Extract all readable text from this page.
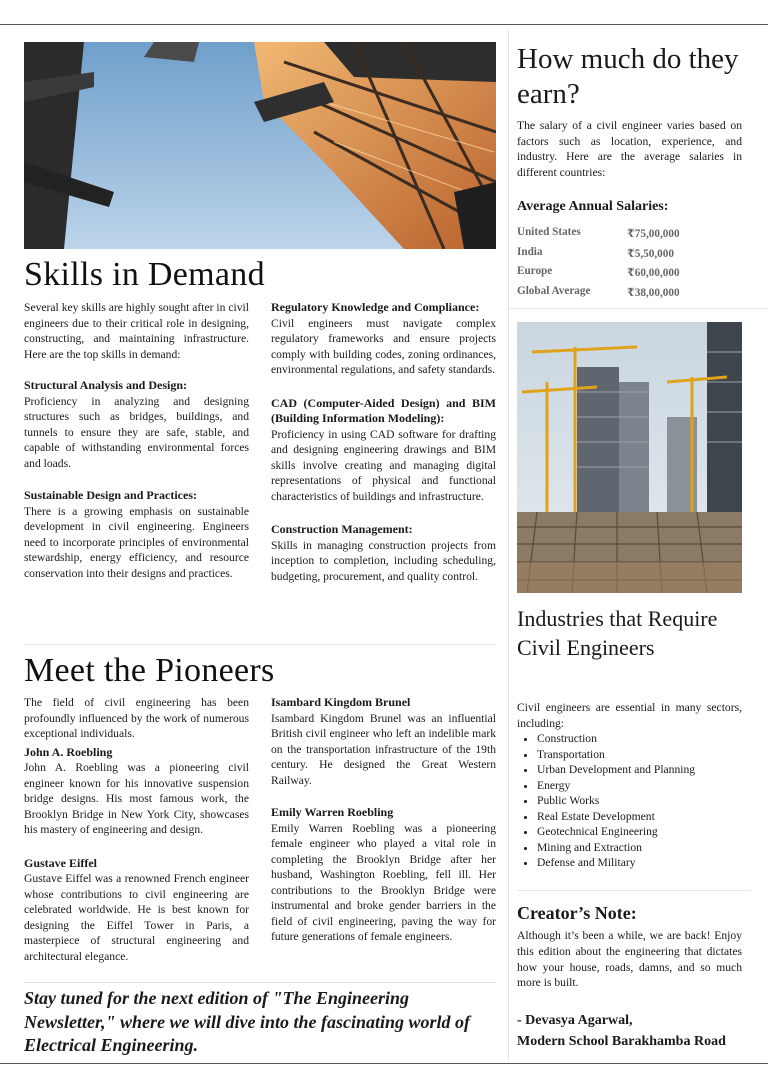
Skills in Demand

Several key skills are highly sought after in civil engineers due to their critical role in designing, constructing, and maintaining infrastructure. Here are the top skills in demand:

Structural Analysis and Design:

Proficiency in analyzing and designing structures such as bridges, buildings, and tunnels to ensure they are safe, stable, and capable of withstanding environmental forces and loads.

Sustainable Design and Practices:

There is a growing emphasis on sustainable development in civil engineering. Engineers need to incorporate principles of environmental stewardship, energy efficiency, and resource conservation into their designs and practices.

Regulatory Knowledge and Compliance:

Civil engineers must navigate complex regulatory frameworks and ensure projects comply with building codes, zoning ordinances, environmental regulations, and safety standards.

CAD (Computer-Aided Design) and BIM (Building Information Modeling):

Proficiency in using CAD software for drafting and designing engineering drawings and BIM skills involve creating and managing digital representations of physical and functional characteristics of buildings and infrastructure.

Construction Management:

Skills in managing construction projects from inception to completion, including scheduling, budgeting, procurement, and quality control.

Meet the Pioneers

The field of civil engineering has been profoundly influenced by the work of numerous exceptional individuals.

John A. Roebling

John A. Roebling was a pioneering civil engineer known for his innovative suspension bridge designs. His most famous work, the Brooklyn Bridge in New York City, showcases his mastery of engineering and design.

Gustave Eiffel

Gustave Eiffel was a renowned French engineer whose contributions to civil engineering are celebrated worldwide. He is best known for designing the Eiffel Tower in Paris, a masterpiece of structural engineering and architectural elegance.

Isambard Kingdom Brunel

Isambard Kingdom Brunel was an influential British civil engineer who left an indelible mark on the transportation infrastructure of the 19th century. He designed the Great Western Railway.

Emily Warren Roebling

Emily Warren Roebling was a pioneering female engineer who played a vital role in completing the Brooklyn Bridge after her husband, Washington Roebling, fell ill. Her contributions to the Brooklyn Bridge were instrumental and broke gender barriers in the field of civil engineering, paving the way for future generations of female engineers.

Stay tuned for the next edition of "The Engineering Newsletter," where we will dive into the fascinating world of Electrical Engineering.
How much do they earn?
The salary of a civil engineer varies based on factors such as location, experience, and industry. Here are the average salaries in different countries:
Average Annual Salaries:
United States	₹75,00,000
India	₹5,50,000
Europe	₹60,00,000
Global Average	₹38,00,000
Industries that Require Civil Engineers
Civil engineers are essential in many sectors, including:
• Construction
• Transportation
• Urban Development and Planning
• Energy
• Public Works
• Real Estate Development
• Geotechnical Engineering
• Mining and Extraction
• Defense and Military
Creator’s Note:
Although it’s been a while, we are back! Enjoy this edition about the engineering that dictates how your house, roads, damns, and so much more is built.
- Devasya Agarwal,
Modern School Barakhamba Road
